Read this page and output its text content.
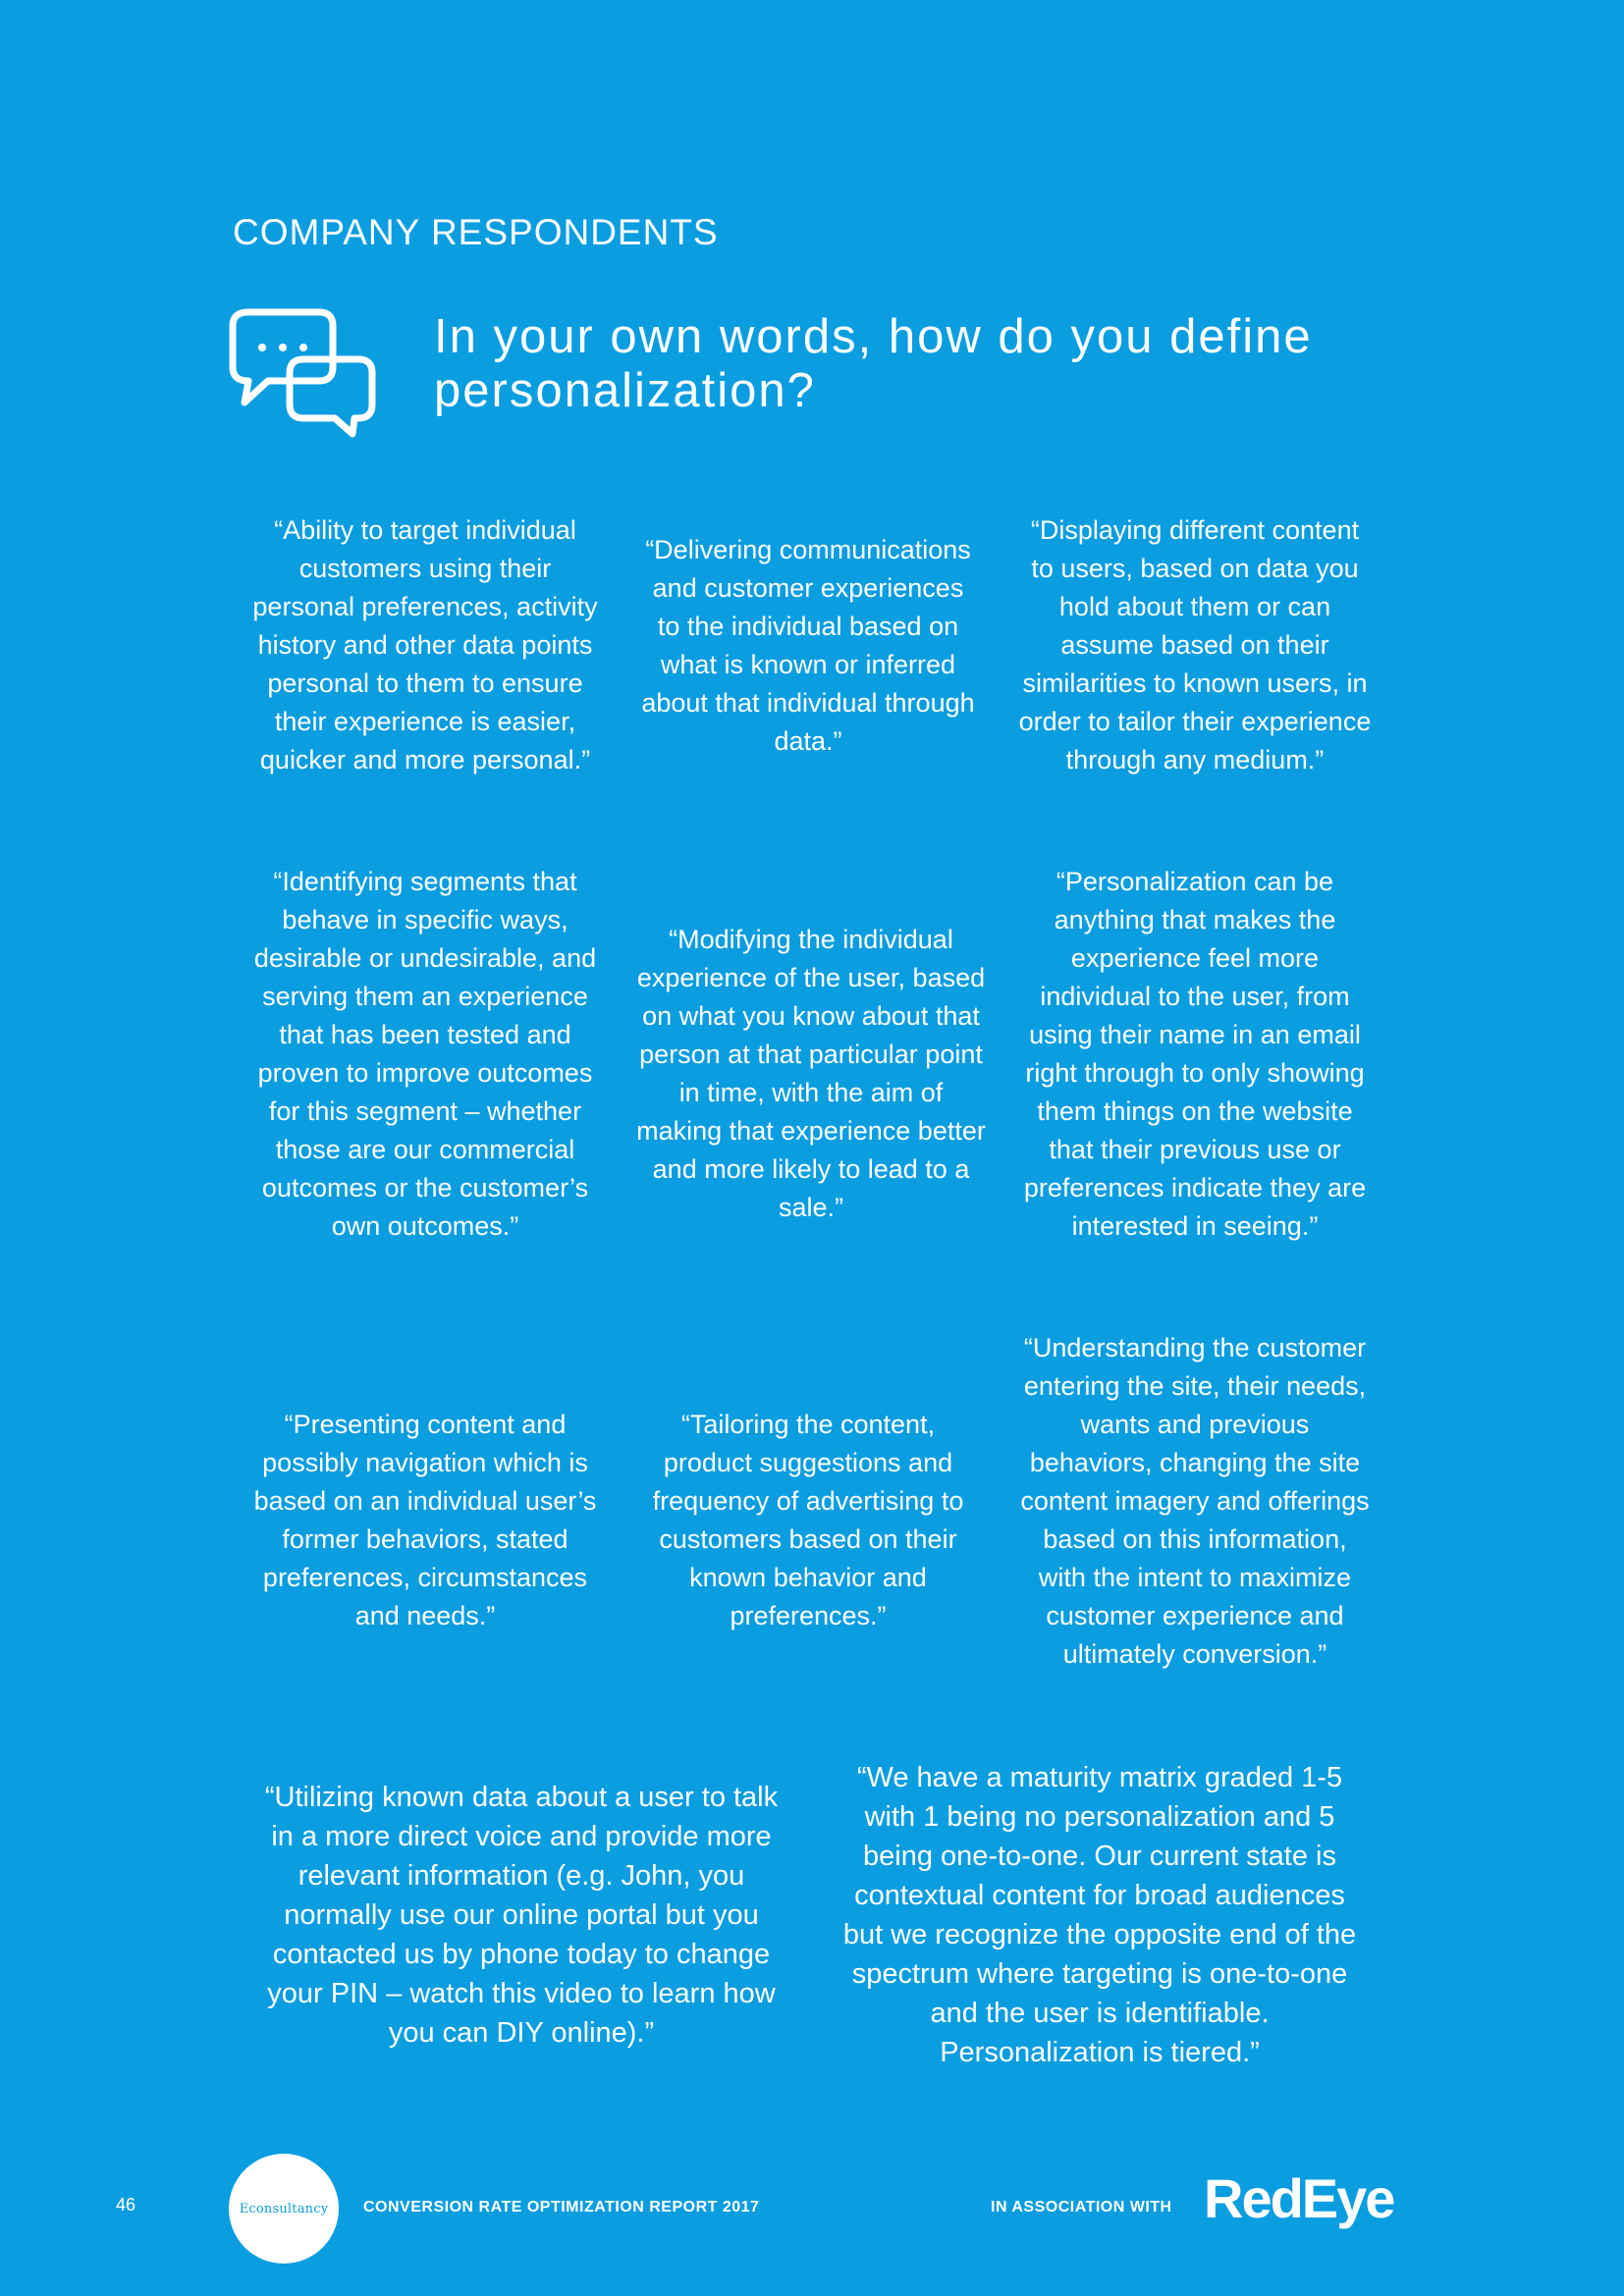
COMPANY RESPONDENTS
In your own words, how do you define personalization?

“Ability to target individual customers using their personal preferences, activity history and other data points personal to them to ensure their experience is easier, quicker and more personal.”

“Delivering communications and customer experiences to the individual based on what is known or inferred about that individual through data.”

“Displaying different content to users, based on data you hold about them or can assume based on their similarities to known users, in order to tailor their experience through any medium.”

“Identifying segments that behave in specific ways, desirable or undesirable, and serving them an experience that has been tested and proven to improve outcomes for this segment – whether those are our commercial outcomes or the customer’s own outcomes.”

“Modifying the individual experience of the user, based on what you know about that person at that particular point in time, with the aim of making that experience better and more likely to lead to a sale.”

“Personalization can be anything that makes the experience feel more individual to the user, from using their name in an email right through to only showing them things on the website that their previous use or preferences indicate they are interested in seeing.”

“Presenting content and possibly navigation which is based on an individual user’s former behaviors, stated preferences, circumstances and needs.”

“Tailoring the content, product suggestions and frequency of advertising to customers based on their known behavior and preferences.”

“Understanding the customer entering the site, their needs, wants and previous behaviors, changing the site content imagery and offerings based on this information, with the intent to maximize customer experience and ultimately conversion.”

“Utilizing known data about a user to talk in a more direct voice and provide more relevant information (e.g. John, you normally use our online portal but you contacted us by phone today to change your PIN – watch this video to learn how you can DIY online).”

“We have a maturity matrix graded 1-5 with 1 being no personalization and 5 being one-to-one. Our current state is contextual content for broad audiences but we recognize the opposite end of the spectrum where targeting is one-to-one and the user is identifiable. Personalization is tiered.”

46	Econsultancy CONVERSION RATE OPTIMIZATION REPORT 2017	IN ASSOCIATION WITH RedEye
